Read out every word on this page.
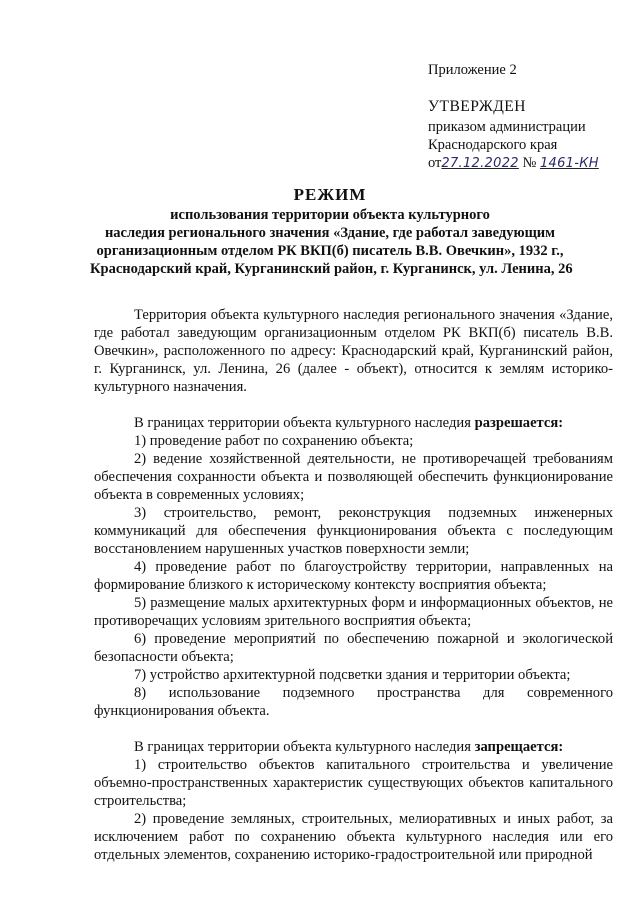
Приложение 2
УТВЕРЖДЕН
приказом администрации
Краснодарского края
от27.12.2022 № 1461-КН
РЕЖИМ
использования территории объекта культурного
наследия регионального значения «Здание, где работал заведующим
организационным отделом РК ВКП(б) писатель В.В. Овечкин», 1932 г.,
Краснодарский край, Курганинский район, г. Курганинск, ул. Ленина, 26

Территория объекта культурного наследия регионального значения «Здание, где работал заведующим организационным отделом РК ВКП(б) писатель В.В. Овечкин», расположенного по адресу: Краснодарский край, Курганинский район, г. Курганинск, ул. Ленина, 26 (далее - объект), относится к землям историко-культурного назначения.

В границах территории объекта культурного наследия разрешается:

1) проведение работ по сохранению объекта;

2) ведение хозяйственной деятельности, не противоречащей требованиям обеспечения сохранности объекта и позволяющей обеспечить функционирование объекта в современных условиях;

3) строительство, ремонт, реконструкция подземных инженерных коммуникаций для обеспечения функционирования объекта с последующим восстановлением нарушенных участков поверхности земли;

4) проведение работ по благоустройству территории, направленных на формирование близкого к историческому контексту восприятия объекта;

5) размещение малых архитектурных форм и информационных объектов, не противоречащих условиям зрительного восприятия объекта;

6) проведение мероприятий по обеспечению пожарной и экологической безопасности объекта;

7) устройство архитектурной подсветки здания и территории объекта;

8) использование подземного пространства для современного функционирования объекта.

В границах территории объекта культурного наследия запрещается:

1) строительство объектов капитального строительства и увеличение объемно-пространственных характеристик существующих объектов капитального строительства;

2) проведение земляных, строительных, мелиоративных и иных работ, за исключением работ по сохранению объекта культурного наследия или его отдельных элементов, сохранению историко-градостроительной или природной
